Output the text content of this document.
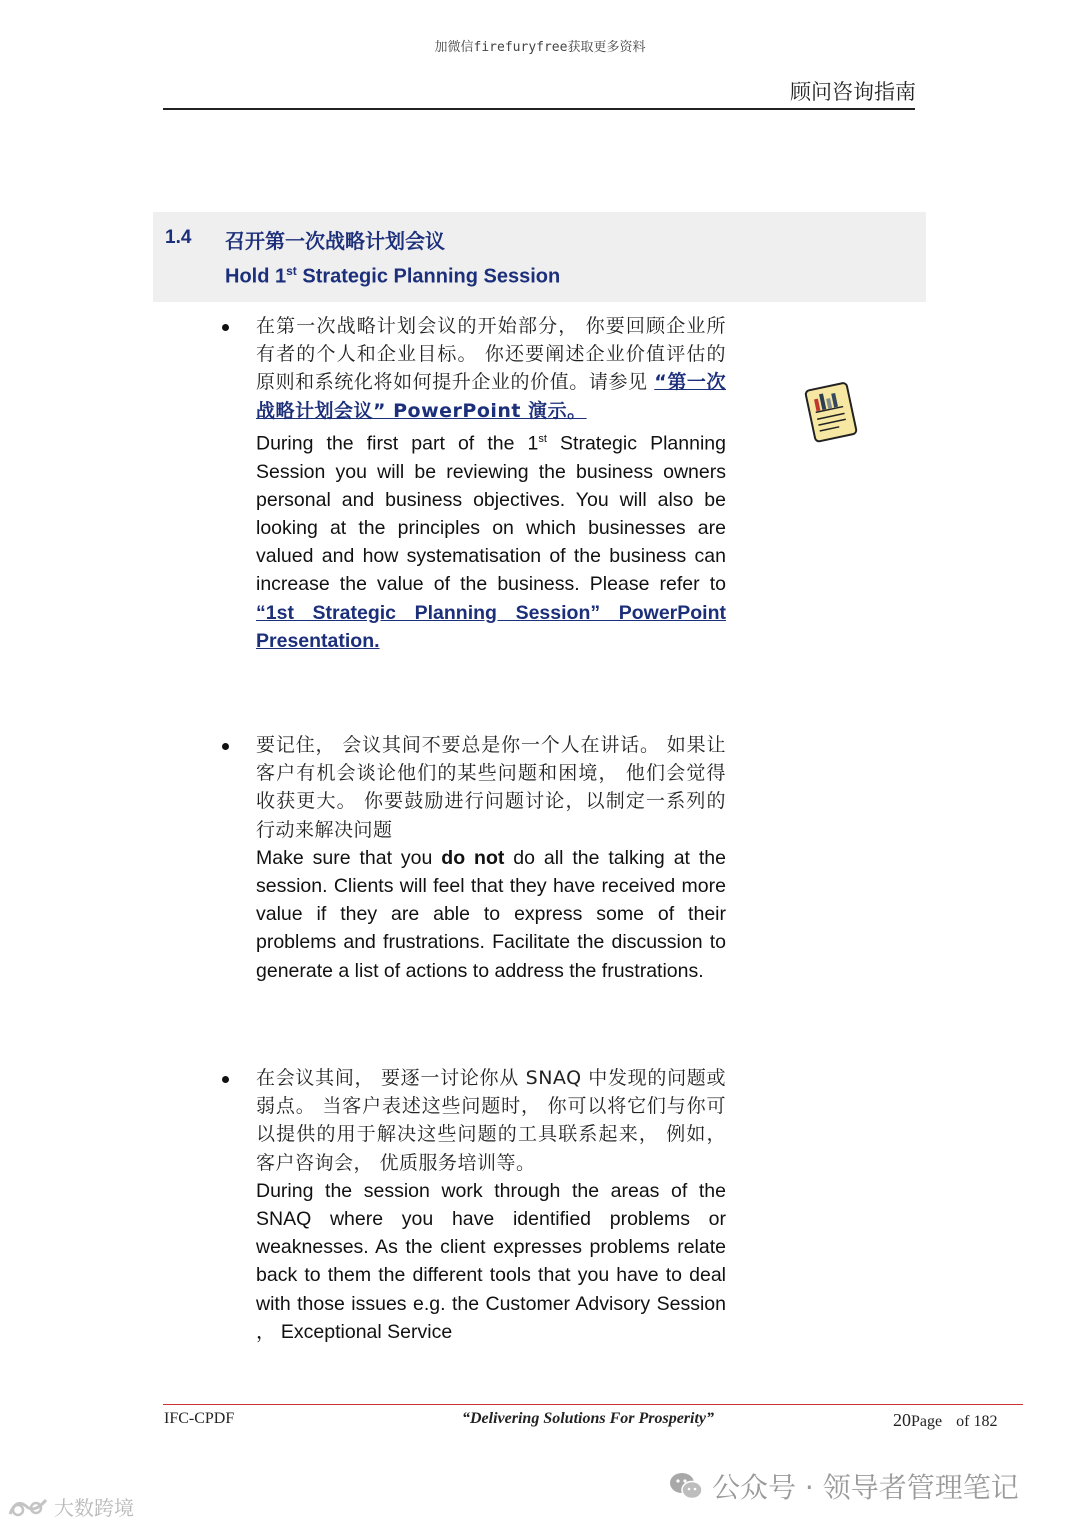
加微信firefuryfree获取更多资料
顾问咨询指南
1.4 召开第一次战略计划会议
Hold 1st Strategic Planning Session
在第一次战略计划会议的开始部分， 你要回顾企业所有者的个人和企业目标。 你还要阐述企业价值评估的原则和系统化将如何提升企业的价值。请参见 “第一次战略计划会议” PowerPoint 演示。
During the first part of the 1st Strategic Planning Session you will be reviewing the business owners personal and business objectives. You will also be looking at the principles on which businesses are valued and how systematisation of the business can increase the value of the business. Please refer to “1st Strategic Planning Session” PowerPoint Presentation.
要记住， 会议其间不要总是你一个人在讲话。 如果让客户有机会谈论他们的某些问题和困境， 他们会觉得收获更大。 你要鼓励进行问题讨论，以制定一系列的行动来解决问题
Make sure that you do not do all the talking at the session. Clients will feel that they have received more value if they are able to express some of their problems and frustrations. Facilitate the discussion to generate a list of actions to address the frustrations.
在会议其间， 要逐一讨论你从 SNAQ 中发现的问题或弱点。 当客户表述这些问题时， 你可以将它们与你可以提供的用于解决这些问题的工具联系起来， 例如， 客户咨询会， 优质服务培训等。
During the session work through the areas of the SNAQ where you have identified problems or weaknesses. As the client expresses problems relate back to them the different tools that you have to deal with those issues e.g. the Customer Advisory Session ， Exceptional Service
IFC-CPDF	“Delivering Solutions For Prosperity”	20Page of 182
公众号 · 领导者管理笔记
大数跨境
